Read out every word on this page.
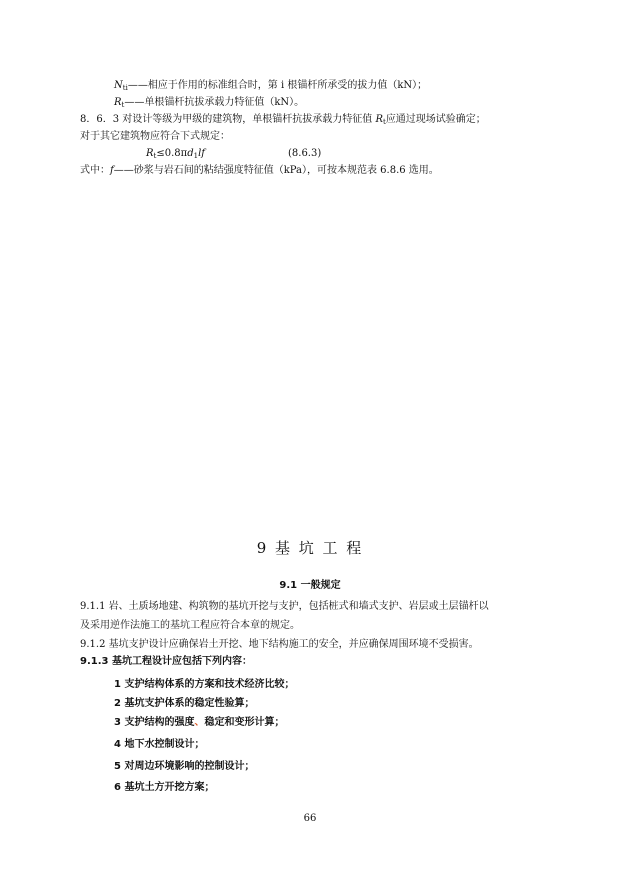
$N_{ti}——$相应于作用的标准组合时，第 i 根锚杆所承受的拔力值（kN）；
$R_t——$单根锚杆抗拔承载力特征值（kN）。
8．6．3 对设计等级为甲级的建筑物，单根锚杆抗拔承载力特征值 $R_t$应通过现场试验确定；
对于其它建筑物应符合下式规定：
$R_t\le 0.8\pi d_1lf$	(8.6.3)
式中：f——砂浆与岩石间的粘结强度特征值（kPa），可按本规范表 6.8.6 选用。
9 基 坑 工 程
9.1 一般规定
9.1.1 岩、土质场地建、构筑物的基坑开挖与支护，包括桩式和墙式支护、岩层或土层锚杆以
及采用逆作法施工的基坑工程应符合本章的规定。
9.1.2 基坑支护设计应确保岩土开挖、地下结构施工的安全，并应确保周围环境不受损害。
9.1.3 基坑工程设计应包括下列内容：
1 支护结构体系的方案和技术经济比较；
2 基坑支护体系的稳定性验算；
3 支护结构的强度、稳定和变形计算；
4 地下水控制设计；
5 对周边环境影响的控制设计；
6 基坑土方开挖方案；
66
